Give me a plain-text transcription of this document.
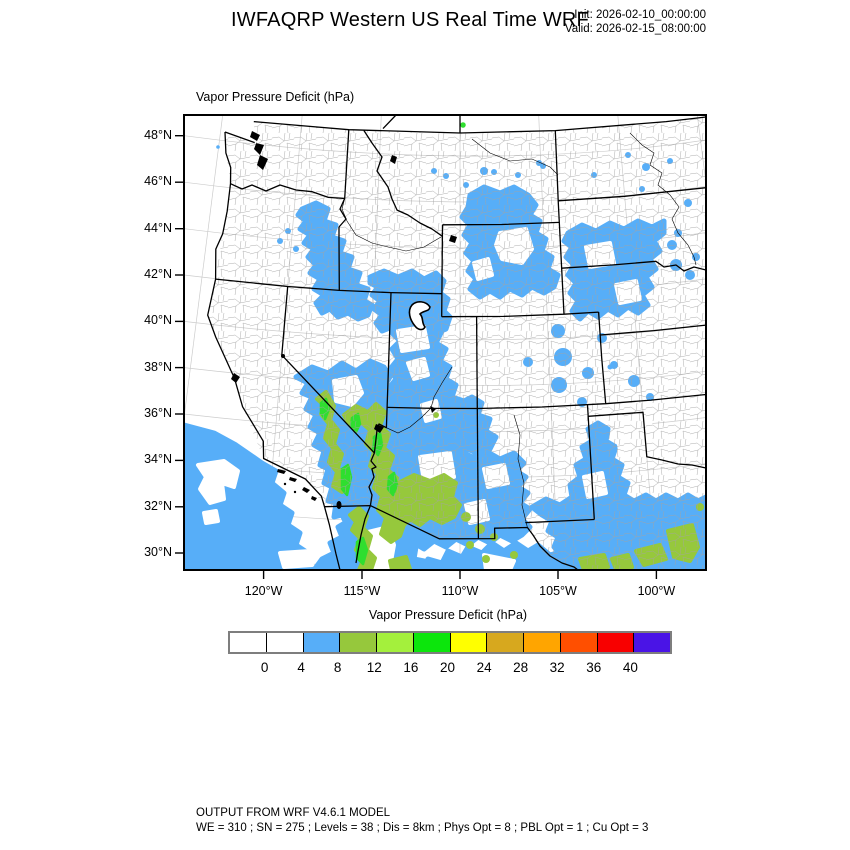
IWFAQRP Western US Real Time WRF
Init: 2026-02-10_00:00:00
Valid: 2026-02-15_08:00:00
Vapor Pressure Deficit (hPa)
48°N
46°N
44°N
42°N
40°N
38°N
36°N
34°N
32°N
30°N
120°W	115°W	110°W	105°W	100°W
Vapor Pressure Deficit (hPa)
0	4	8	12	16	20	24	28	32	36	40
OUTPUT FROM WRF V4.6.1 MODEL
WE = 310 ; SN = 275 ; Levels = 38 ; Dis = 8km ; Phys Opt = 8 ; PBL Opt = 1 ; Cu Opt = 3
